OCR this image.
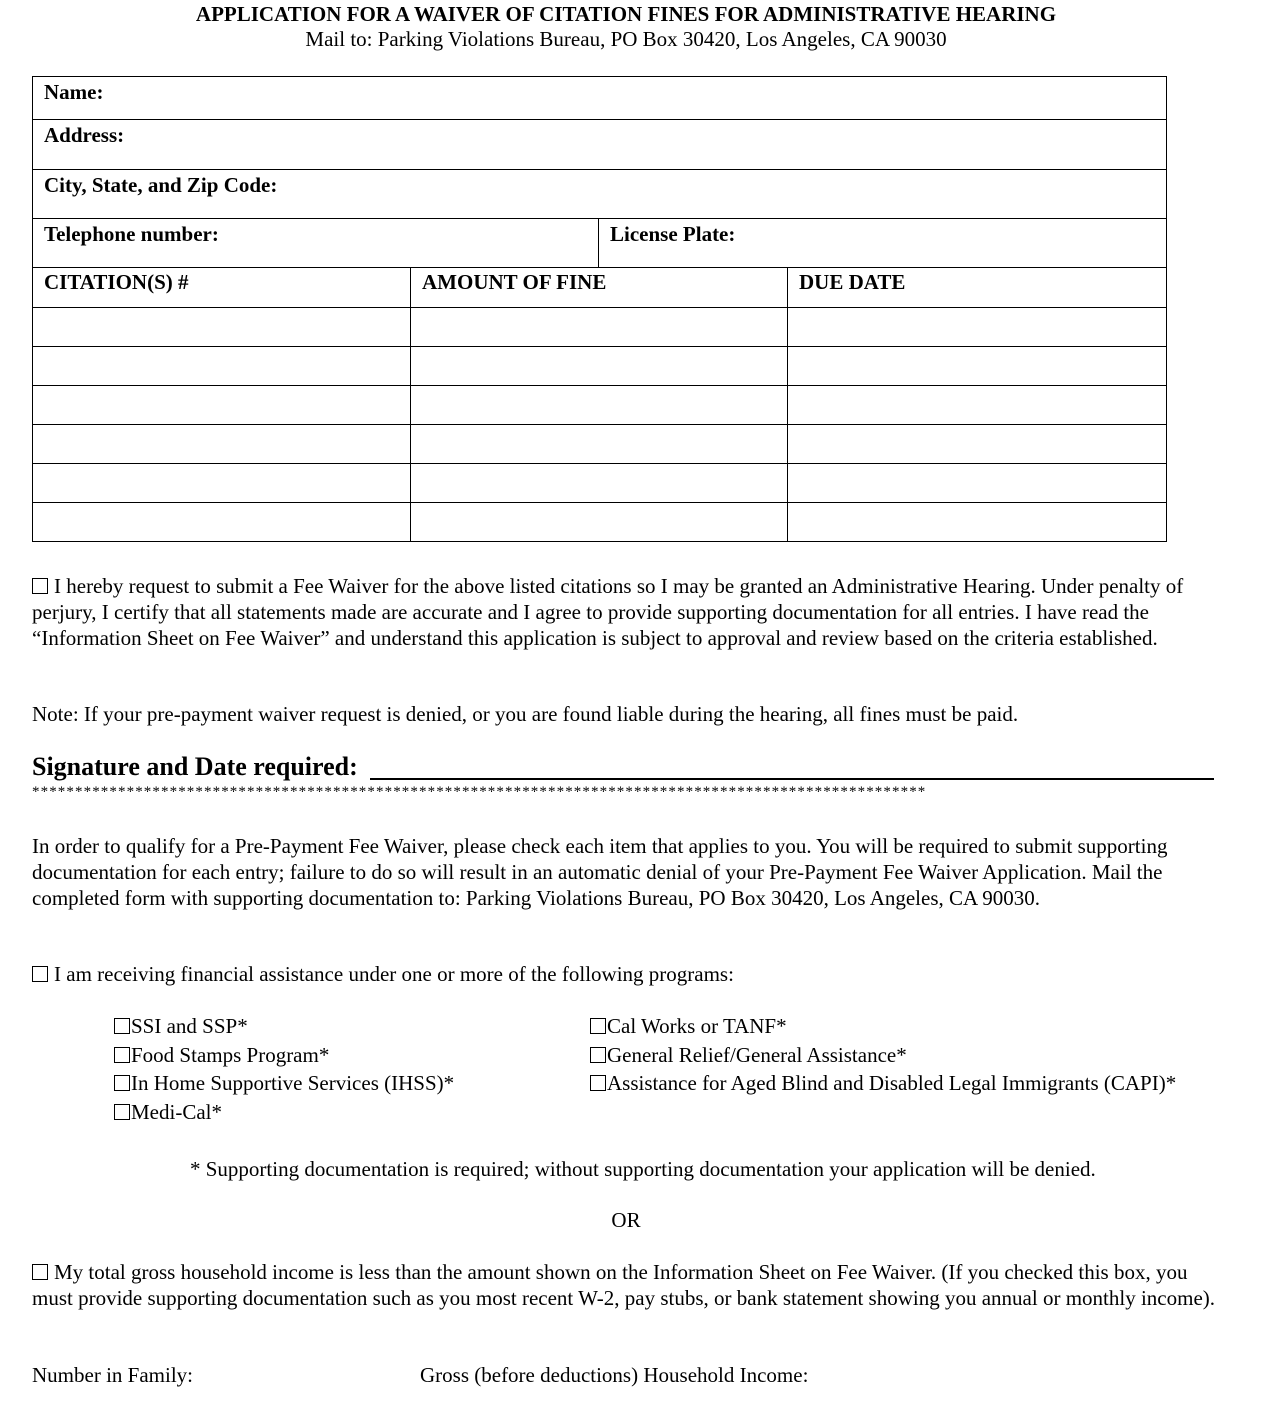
APPLICATION FOR A WAIVER OF CITATION FINES FOR ADMINISTRATIVE HEARING
Mail to: Parking Violations Bureau, PO Box 30420, Los Angeles, CA 90030
Name:
Address:
City, State, and Zip Code:
Telephone number:	License Plate:
CITATION(S) #	AMOUNT OF FINE	DUE DATE

I hereby request to submit a Fee Waiver for the above listed citations so I may be granted an Administrative Hearing. Under penalty of perjury, I certify that all statements made are accurate and I agree to provide supporting documentation for all entries. I have read the “Information Sheet on Fee Waiver” and understand this application is subject to approval and review based on the criteria established.
Note: If your pre-payment waiver request is denied, or you are found liable during the hearing, all fines must be paid.
Signature and Date required:
********************************************************************************************************
In order to qualify for a Pre-Payment Fee Waiver, please check each item that applies to you. You will be required to submit supporting documentation for each entry; failure to do so will result in an automatic denial of your Pre-Payment Fee Waiver Application. Mail the completed form with supporting documentation to: Parking Violations Bureau, PO Box 30420, Los Angeles, CA 90030.
I am receiving financial assistance under one or more of the following programs:
SSI and SSP*
Food Stamps Program*
In Home Supportive Services (IHSS)*
Medi-Cal*
Cal Works or TANF*
General Relief/General Assistance*
Assistance for Aged Blind and Disabled Legal Immigrants (CAPI)*
* Supporting documentation is required; without supporting documentation your application will be denied.
OR
My total gross household income is less than the amount shown on the Information Sheet on Fee Waiver. (If you checked this box, you must provide supporting documentation such as you most recent W-2, pay stubs, or bank statement showing you annual or monthly income).
Number in Family:	Gross (before deductions) Household Income:
